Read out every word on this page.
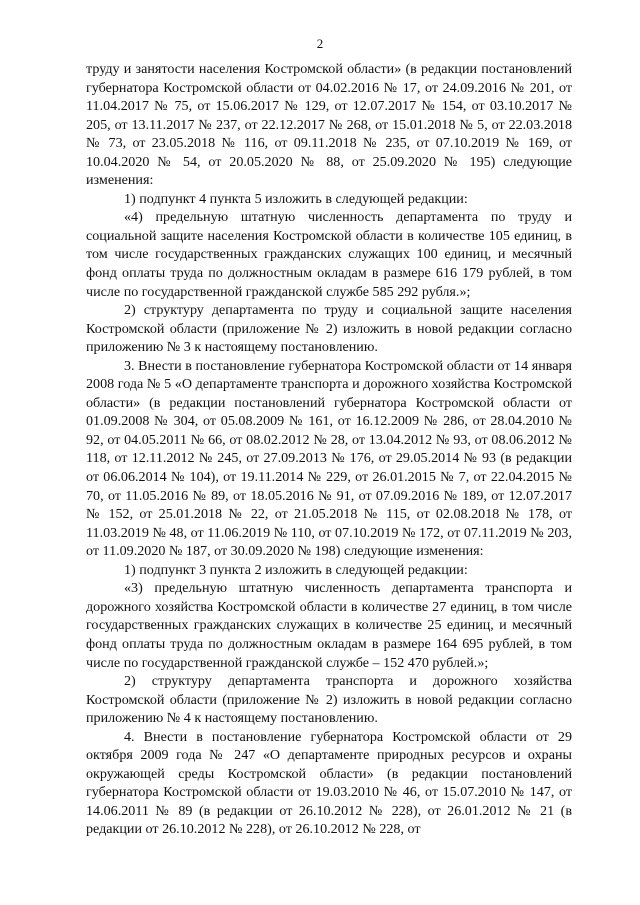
2

труду и занятости населения Костромской области» (в редакции постановлений губернатора Костромской области от 04.02.2016 № 17, от 24.09.2016 № 201, от 11.04.2017 № 75, от 15.06.2017 № 129, от 12.07.2017 № 154, от 03.10.2017 № 205, от 13.11.2017 № 237, от 22.12.2017 № 268, от 15.01.2018 № 5, от 22.03.2018 № 73, от 23.05.2018 № 116, от 09.11.2018 № 235, от 07.10.2019 № 169, от 10.04.2020 № 54, от 20.05.2020 № 88, от 25.09.2020 № 195) следующие изменения:

1) подпункт 4 пункта 5 изложить в следующей редакции:

«4) предельную штатную численность департамента по труду и социальной защите населения Костромской области в количестве 105 единиц, в том числе государственных гражданских служащих 100 единиц, и месячный фонд оплаты труда по должностным окладам в размере 616 179 рублей, в том числе по государственной гражданской службе 585 292 рубля.»;

2) структуру департамента по труду и социальной защите населения Костромской области (приложение № 2) изложить в новой редакции согласно приложению № 3 к настоящему постановлению.

3. Внести в постановление губернатора Костромской области от 14 января 2008 года № 5 «О департаменте транспорта и дорожного хозяйства Костромской области» (в редакции постановлений губернатора Костромской области от 01.09.2008 № 304, от 05.08.2009 № 161, от 16.12.2009 № 286, от 28.04.2010 № 92, от 04.05.2011 № 66, от 08.02.2012 № 28, от 13.04.2012 № 93, от 08.06.2012 № 118, от 12.11.2012 № 245, от 27.09.2013 № 176, от 29.05.2014 № 93 (в редакции от 06.06.2014 № 104), от 19.11.2014 № 229, от 26.01.2015 № 7, от 22.04.2015 № 70, от 11.05.2016 № 89, от 18.05.2016 № 91, от 07.09.2016 № 189, от 12.07.2017 № 152, от 25.01.2018 № 22, от 21.05.2018 № 115, от 02.08.2018 № 178, от 11.03.2019 № 48, от 11.06.2019 № 110, от 07.10.2019 № 172, от 07.11.2019 № 203, от 11.09.2020 № 187, от 30.09.2020 № 198) следующие изменения:

1) подпункт 3 пункта 2 изложить в следующей редакции:

«3) предельную штатную численность департамента транспорта и дорожного хозяйства Костромской области в количестве 27 единиц, в том числе государственных гражданских служащих в количестве 25 единиц, и месячный фонд оплаты труда по должностным окладам в размере 164 695 рублей, в том числе по государственной гражданской службе – 152 470 рублей.»;

2) структуру департамента транспорта и дорожного хозяйства Костромской области (приложение № 2) изложить в новой редакции согласно приложению № 4 к настоящему постановлению.

4. Внести в постановление губернатора Костромской области от 29 октября 2009 года № 247 «О департаменте природных ресурсов и охраны окружающей среды Костромской области» (в редакции постановлений губернатора Костромской области от 19.03.2010 № 46, от 15.07.2010 № 147, от 14.06.2011 № 89 (в редакции от 26.10.2012 № 228), от 26.01.2012 № 21 (в редакции от 26.10.2012 № 228), от 26.10.2012 № 228, от
